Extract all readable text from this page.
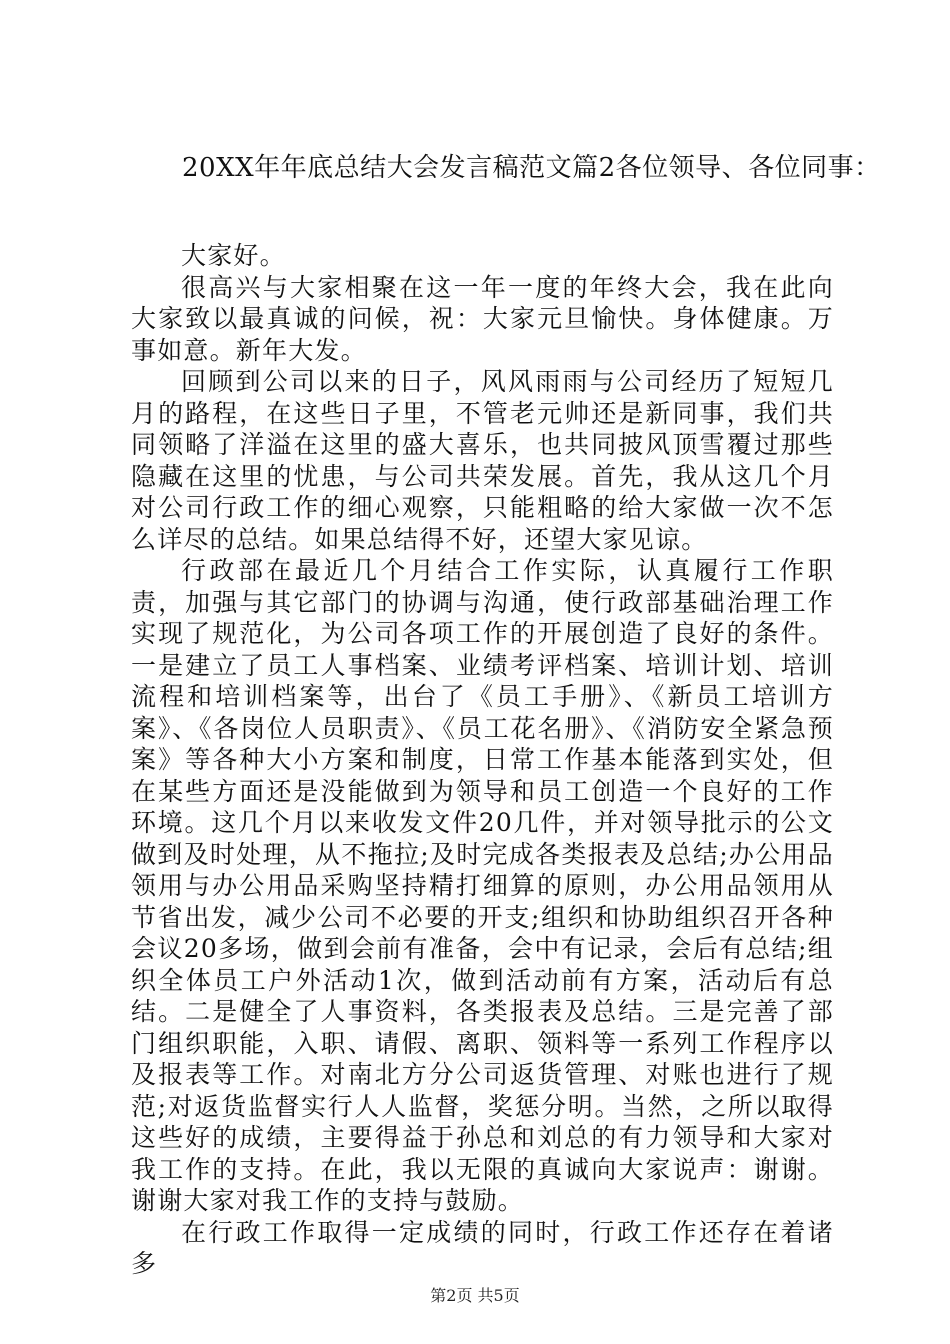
20XX年年底总结大会发言稿范文篇2各位领导、各位同事：

大家好。

很高兴与大家相聚在这一年一度的年终大会，我在此向大家致以最真诚的问候，祝：大家元旦愉快。身体健康。万事如意。新年大发。

回顾到公司以来的日子，风风雨雨与公司经历了短短几月的路程，在这些日子里，不管老元帅还是新同事，我们共同领略了洋溢在这里的盛大喜乐，也共同披风顶雪覆过那些隐藏在这里的忧患，与公司共荣发展。首先，我从这几个月对公司行政工作的细心观察，只能粗略的给大家做一次不怎么详尽的总结。如果总结得不好，还望大家见谅。

行政部在最近几个月结合工作实际，认真履行工作职责，加强与其它部门的协调与沟通，使行政部基础治理工作实现了规范化，为公司各项工作的开展创造了良好的条件。一是建立了员工人事档案、业绩考评档案、培训计划、培训流程和培训档案等，出台了《员工手册》、《新员工培训方案》、《各岗位人员职责》、《员工花名册》、《消防安全紧急预案》等各种大小方案和制度，日常工作基本能落到实处，但在某些方面还是没能做到为领导和员工创造一个良好的工作环境。这几个月以来收发文件20几件，并对领导批示的公文做到及时处理，从不拖拉;及时完成各类报表及总结;办公用品领用与办公用品采购坚持精打细算的原则，办公用品领用从节省出发，减少公司不必要的开支;组织和协助组织召开各种会议20多场，做到会前有准备，会中有记录，会后有总结;组织全体员工户外活动1次，做到活动前有方案，活动后有总结。二是健全了人事资料，各类报表及总结。三是完善了部门组织职能，入职、请假、离职、领料等一系列工作程序以及报表等工作。对南北方分公司返货管理、对账也进行了规范;对返货监督实行人人监督，奖惩分明。当然，之所以取得这些好的成绩，主要得益于孙总和刘总的有力领导和大家对我工作的支持。在此，我以无限的真诚向大家说声：谢谢。谢谢大家对我工作的支持与鼓励。

在行政工作取得一定成绩的同时，行政工作还存在着诸多

第2页 共5页
